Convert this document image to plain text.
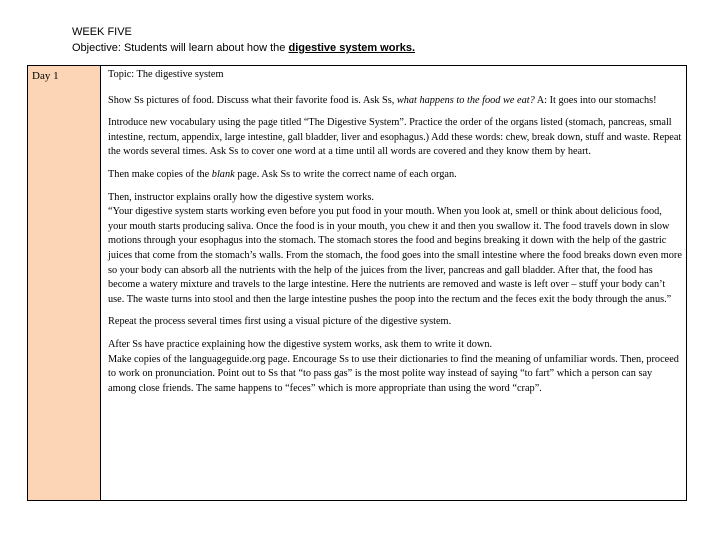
WEEK FIVE
Objective: Students will learn about how the digestive system works.
Day 1	Topic: The digestive system
Show Ss pictures of food. Discuss what their favorite food is. Ask Ss, what happens to the food we eat? A: It goes into our stomachs!
Introduce new vocabulary using the page titled “The Digestive System”. Practice the order of the organs listed (stomach, pancreas, small intestine, rectum, appendix, large intestine, gall bladder, liver and esophagus.) Add these words: chew, break down, stuff and waste. Repeat the words several times. Ask Ss to cover one word at a time until all words are covered and they know them by heart.
Then make copies of the blank page. Ask Ss to write the correct name of each organ.

Then, instructor explains orally how the digestive system works.

“Your digestive system starts working even before you put food in your mouth. When you look at, smell or think about delicious food, your mouth starts producing saliva. Once the food is in your mouth, you chew it and then you swallow it. The food travels down in slow motions through your esophagus into the stomach. The stomach stores the food and begins breaking it down with the help of the gastric juices that come from the stomach’s walls. From the stomach, the food goes into the small intestine where the food breaks down even more so your body can absorb all the nutrients with the help of the juices from the liver, pancreas and gall bladder. After that, the food has become a watery mixture and travels to the large intestine. Here the nutrients are removed and waste is left over – stuff your body can’t use. The waste turns into stool and then the large intestine pushes the poop into the rectum and the feces exit the body through the anus.”

Repeat the process several times first using a visual picture of the digestive system.

After Ss have practice explaining how the digestive system works, ask them to write it down.

Make copies of the languageguide.org page. Encourage Ss to use their dictionaries to find the meaning of unfamiliar words. Then, proceed to work on pronunciation. Point out to Ss that “to pass gas” is the most polite way instead of saying “to fart” which a person can say among close friends. The same happens to “feces” which is more appropriate than using the word “crap”.
